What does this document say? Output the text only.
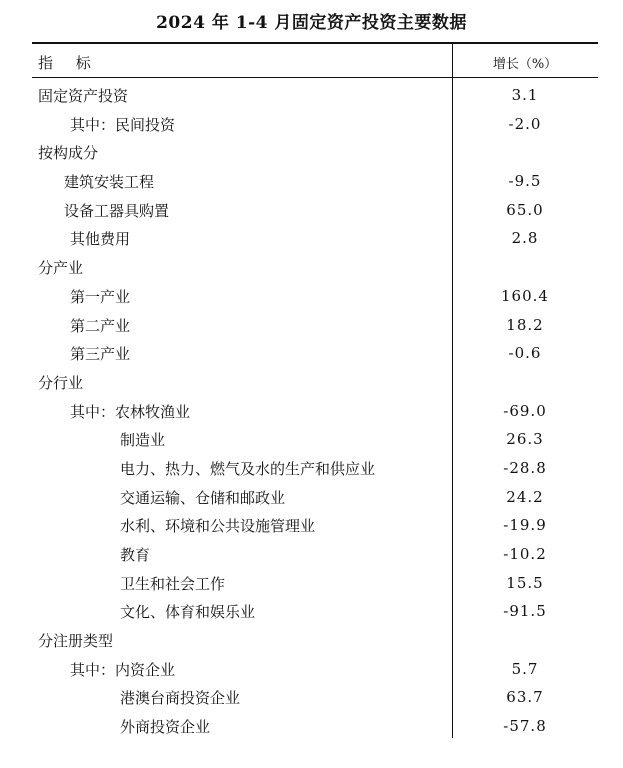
2024 年 1-4 月固定资产投资主要数据
指 标	增长（%）
固定资产投资	3.1
其中：民间投资	-2.0
按构成分
建筑安装工程	-9.5
设备工器具购置	65.0
其他费用	2.8
分产业
第一产业	160.4
第二产业	18.2
第三产业	-0.6
分行业
其中：农林牧渔业	-69.0
制造业	26.3
电力、热力、燃气及水的生产和供应业	-28.8
交通运输、仓储和邮政业	24.2
水利、环境和公共设施管理业	-19.9
教育	-10.2
卫生和社会工作	15.5
文化、体育和娱乐业	-91.5
分注册类型
其中：内资企业	5.7
港澳台商投资企业	63.7
外商投资企业	-57.8
